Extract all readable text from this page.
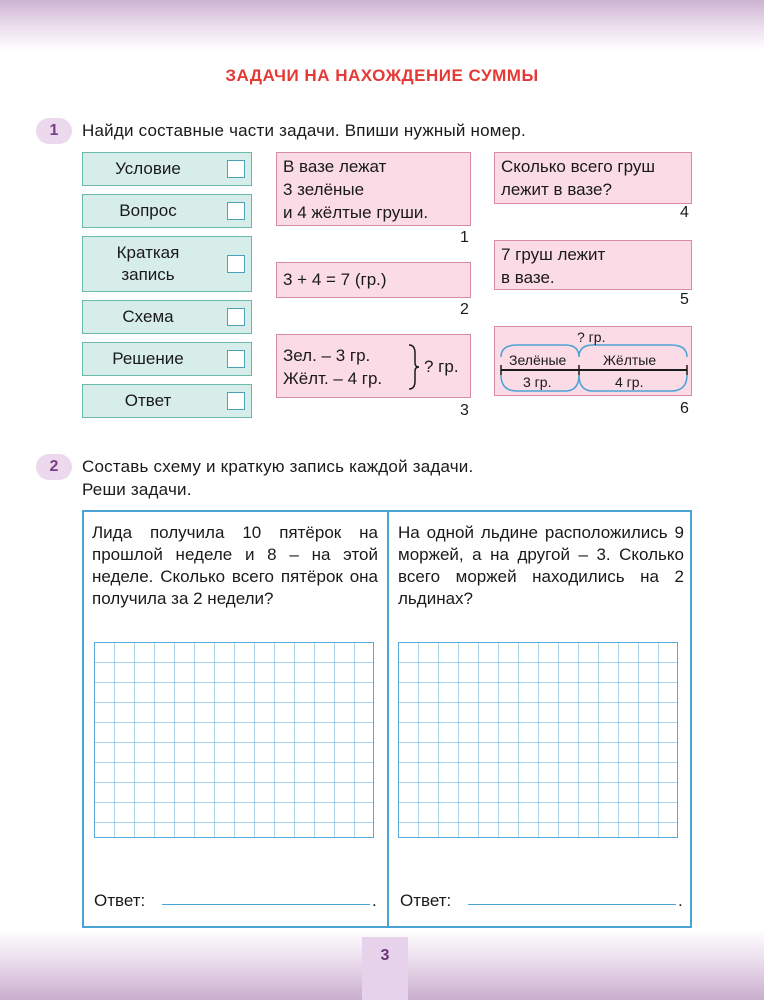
ЗАДАЧИ НА НАХОЖДЕНИЕ СУММЫ
1	Найди составные части задачи. Впиши нужный номер.
Условие
Вопрос
Краткая запись
Схема
Решение
Ответ
В вазе лежат
3 зелёные
и 4 жёлтые груши.
1
3 + 4 = 7 (гр.)
2
Зел. – 3 гр.
Жёлт. – 4 гр.
? гр.
3
Сколько всего груш
лежит в вазе?
4
7 груш лежит
в вазе.
5
? гр.
Зелёные	Жёлтые
3 гр.	4 гр.
6
2	Составь схему и краткую запись каждой задачи.
Реши задачи.
Лида получила 10 пятёрок на прошлой неделе и 8 – на этой неделе. Сколько всего пятёрок она получила за 2 недели?
На одной льдине расположились 9 моржей, а на другой – 3. Сколько всего моржей находились на 2 льдинах?
Ответ:	. Ответ:	.
3
